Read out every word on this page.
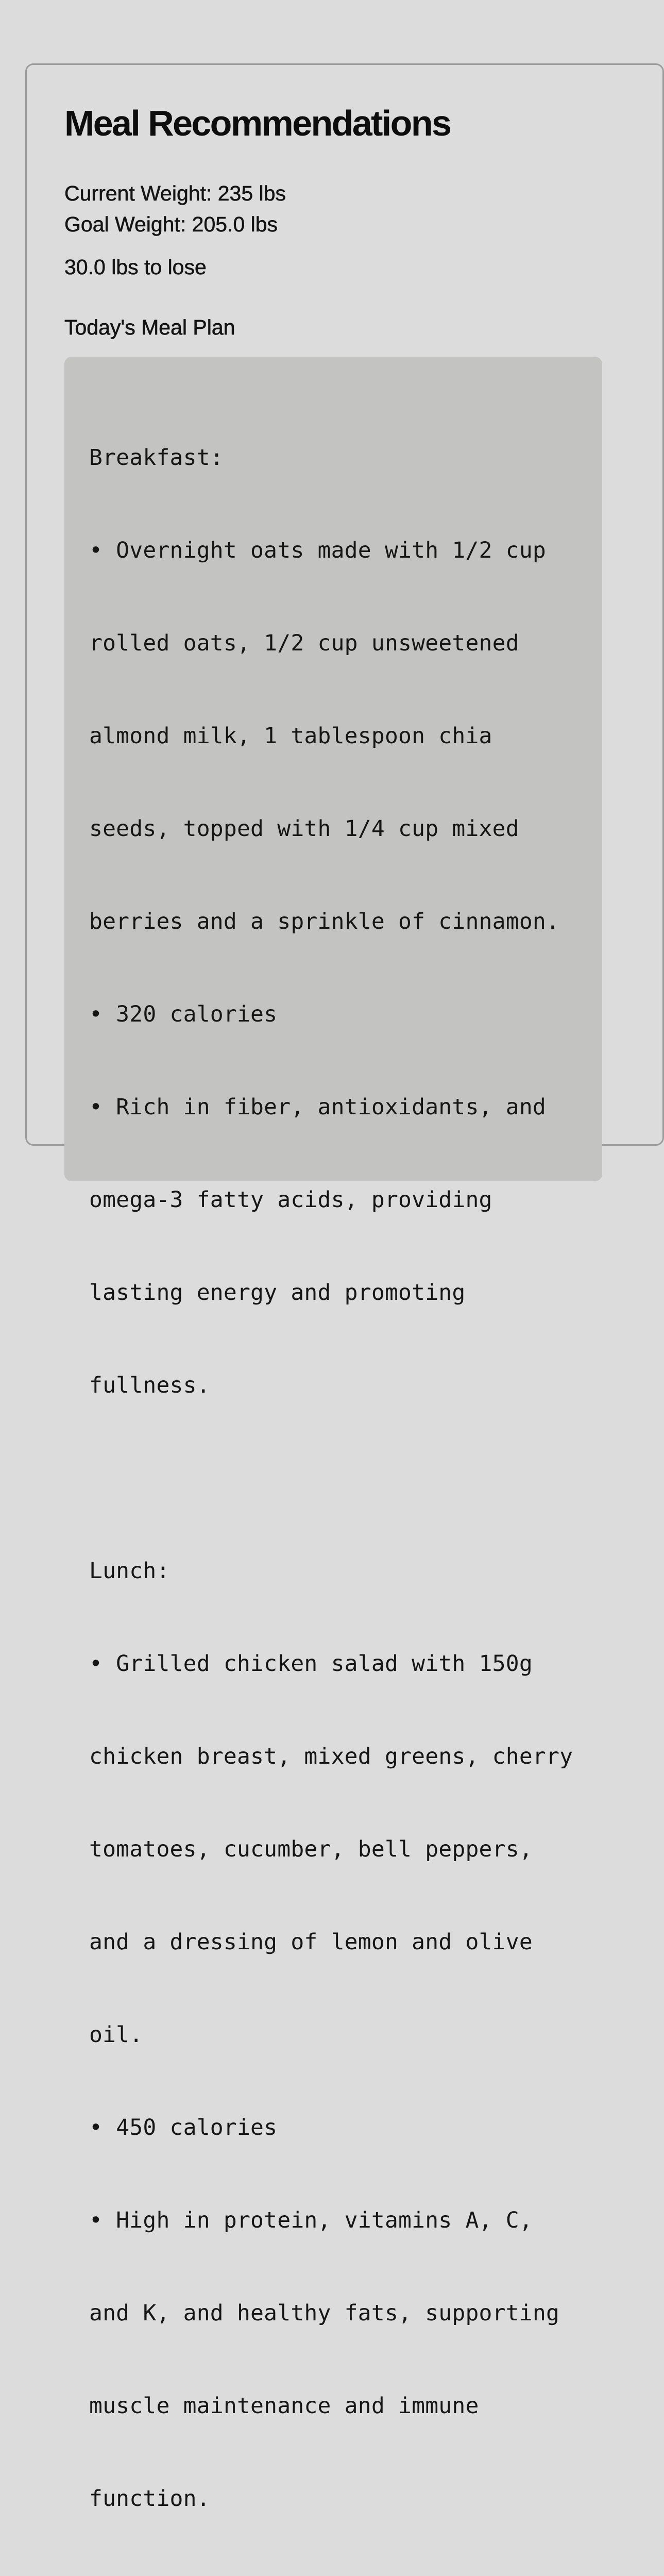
Meal Recommendations

Current Weight: 235 lbs

Goal Weight: 205.0 lbs

30.0 lbs to lose

Today's Meal Plan

Breakfast:

• Overnight oats made with 1/2 cup

rolled oats, 1/2 cup unsweetened

almond milk, 1 tablespoon chia

seeds, topped with 1/4 cup mixed

berries and a sprinkle of cinnamon.

• 320 calories

• Rich in fiber, antioxidants, and

omega-3 fatty acids, providing

lasting energy and promoting

fullness.

Lunch:

• Grilled chicken salad with 150g

chicken breast, mixed greens, cherry

tomatoes, cucumber, bell peppers,

and a dressing of lemon and olive

oil.

• 450 calories

• High in protein, vitamins A, C,

and K, and healthy fats, supporting

muscle maintenance and immune

function.
